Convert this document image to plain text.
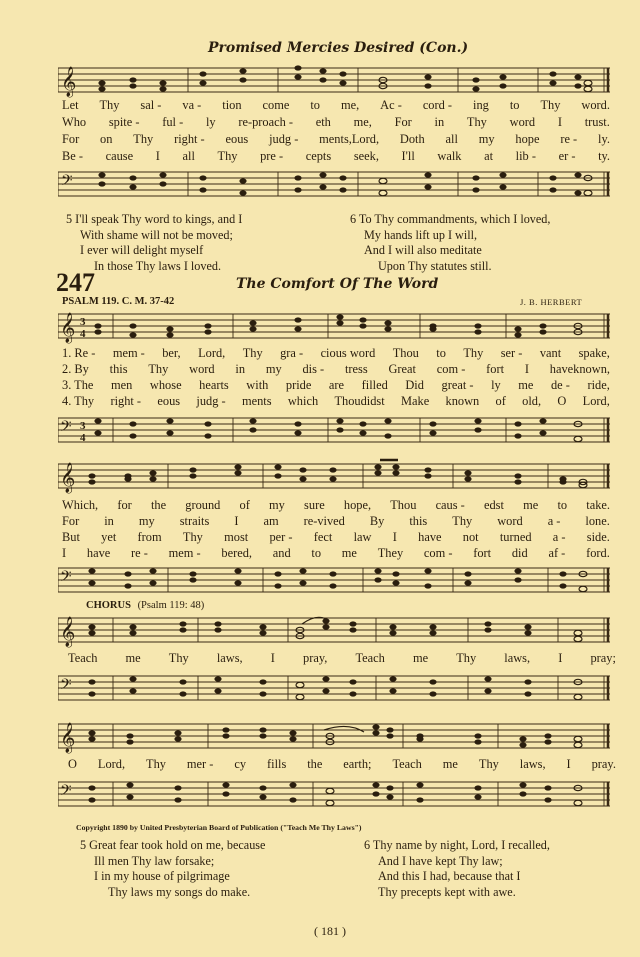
Promised Mercies Desired (Con.)
𝄞
Let Thy sal - va - tion come to me, Ac - cord - ing to Thy word.
Who spite - ful - ly re-proach - eth me, For in Thy word I trust.
For on Thy right - eous judg - ments,Lord, Doth all my hope re - ly.
Be - cause I all Thy pre - cepts seek, I'll walk at lib - er - ty.
𝄢
5 I'll speak Thy word to kings, and I
With shame will not be moved;
I ever will delight myself
In those Thy laws I loved.
6 To Thy commandments, which I loved,
My hands lift up I will,
And I will also meditate
Upon Thy statutes still.
247	The Comfort Of The Word
PSALM 119. C. M. 37-42	J. B. HERBERT
𝄞 3
4
1. Re - mem - ber, Lord, Thy gra - cious word Thou to Thy ser - vant spake,
2. By this Thy word in my dis - tress Great com - fort I haveknown,
3. The men whose hearts with pride are filled Did great - ly me de - ride,
4. Thy right - eous judg - ments which Thoudidst Make known of old, O Lord,
𝄢 3
4
𝄞
Which, for the ground of my sure hope, Thou caus - edst me to take.
For in my straits I am re-vived By this Thy word a - lone.
But yet from Thy most per - fect law I have not turned a - side.
I have re - mem - bered, and to me They com - fort did af - ford.
𝄢
CHORUS (Psalm 119: 48)
𝄞
Teach me Thy laws, I pray, Teach me Thy laws, I pray;
𝄢
𝄞
O Lord, Thy mer - cy fills the earth; Teach me Thy laws, I pray.
𝄢
Copyright 1890 by United Presbyterian Board of Publication ("Teach Me Thy Laws")
5 Great fear took hold on me, because
Ill men Thy law forsake;
I in my house of pilgrimage
Thy laws my songs do make.
6 Thy name by night, Lord, I recalled,
And I have kept Thy law;
And this I had, because that I
Thy precepts kept with awe.
( 181 )
